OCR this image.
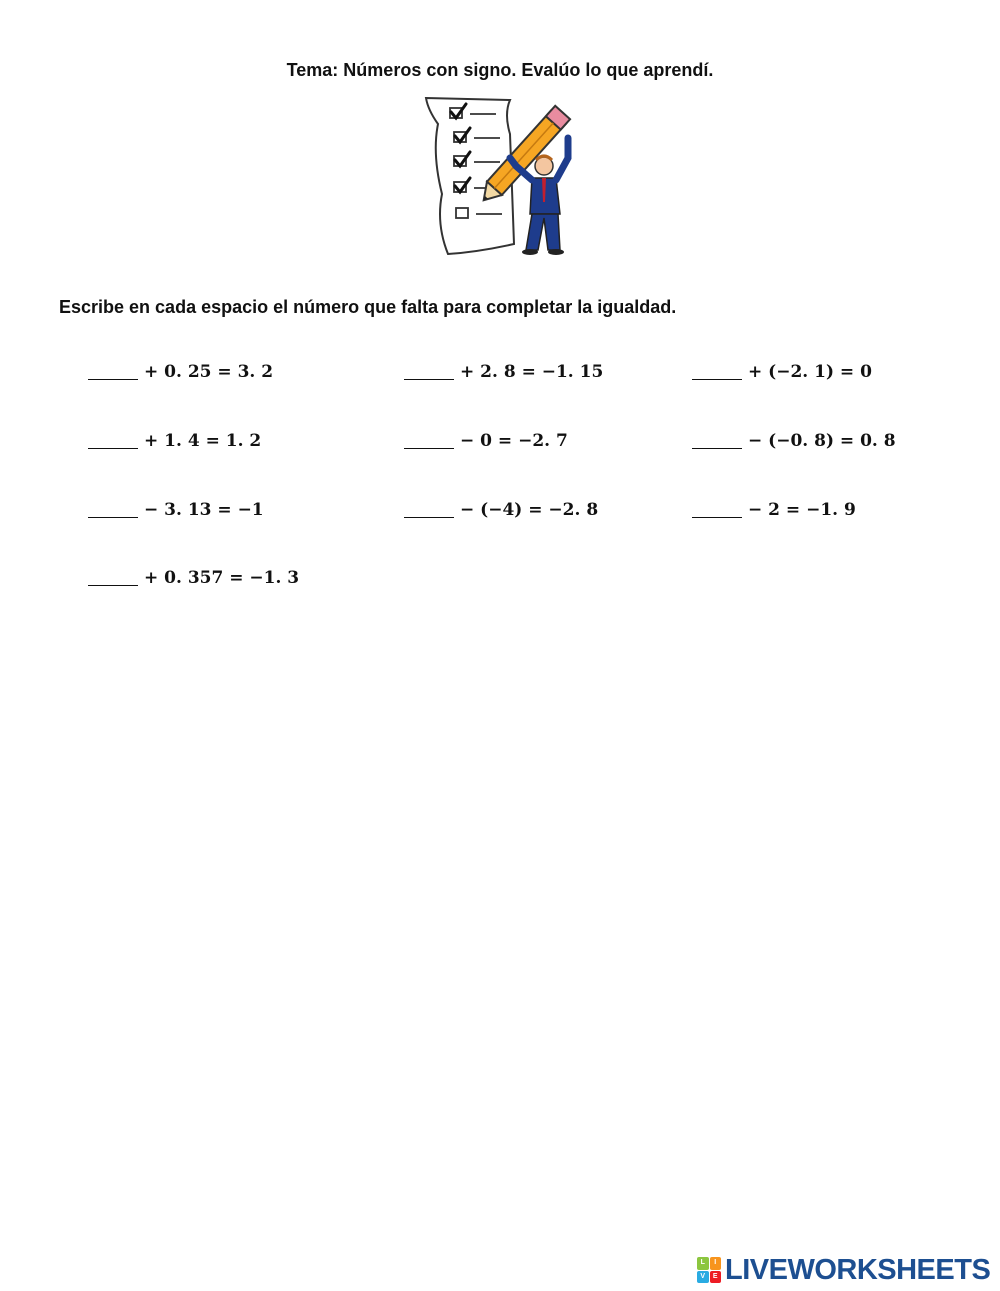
Tema: Números con signo. Evalúo lo que aprendí.
Escribe en cada espacio el número que falta para completar la igualdad.
+ 0. 25 = 3. 2	+ 2. 8 = −1. 15	+ (−2. 1) = 0
+ 1. 4 = 1. 2	− 0 = −2. 7	− (−0. 8) = 0. 8
− 3. 13 = −1	− (−4) = −2. 8	− 2 = −1. 9
+ 0. 357 = −1. 3
L	I
V	E LIVEWORKSHEETS
